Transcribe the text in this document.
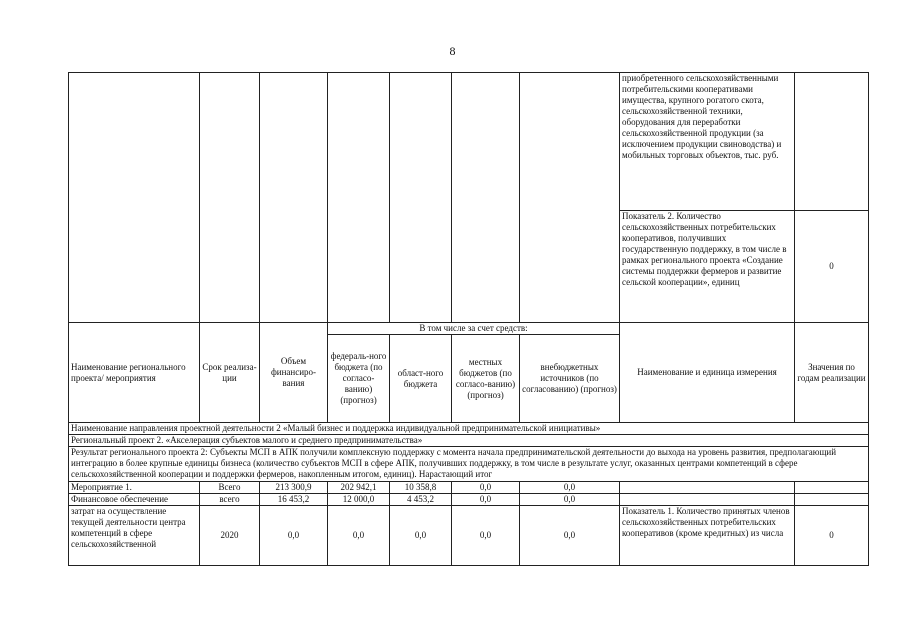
8
							приобретенного сельскохозяйственными потребительскими кооперативами имущества, крупного рогатого скота, сельскохозяйственной техники, оборудования для переработки сельскохозяйственной продукции (за исключением продукции свиноводства) и мобильных торговых объектов, тыс. руб.	
							Показатель 2. Количество сельскохозяйственных потребительских кооперативов, получивших государственную поддержку, в том числе в рамках регионального проекта «Создание системы поддержки фермеров и развитие сельской кооперации», единиц	0
Наименование регионального проекта/ мероприятия	Срок реализа-ции	Объем финансиро-вания	В том числе за счет средств:				Наименование и единица измерения	Значения по годам реализации
			федераль-ного бюджета (по согласо-ванию) (прогноз)	област-ного бюджета	местных бюджетов (по согласо-ванию) (прогноз)	внебюджетных источников (по согласованию) (прогноз)		
Наименование направления проектной деятельности 2 «Малый бизнес и поддержка индивидуальной предпринимательской инициативы»								
Региональный проект 2. «Акселерация субъектов малого и среднего предпринимательства»								
Результат регионального проекта 2: Субъекты МСП в АПК получили комплексную поддержку с момента начала предпринимательской деятельности до выхода на уровень развития, предполагающий интеграцию в более крупные единицы бизнеса (количество субъектов МСП в сфере АПК, получивших поддержку, в том числе в результате услуг, оказанных центрами компетенций в сфере сельскохозяйственной кооперации и поддержки фермеров, накопленным итогом, единиц). Нарастающий итог								
Мероприятие 1.	Всего	213 300,9	202 942,1	10 358,8	0,0	0,0		
Финансовое обеспечение	всего	16 453,2	12 000,0	4 453,2	0,0	0,0		
затрат на осуществление текущей деятельности центра компетенций в сфере сельскохозяйственной	2020	0,0	0,0	0,0	0,0	0,0	Показатель 1. Количество принятых членов сельскохозяйственных потребительских кооперативов (кроме кредитных) из числа	0
